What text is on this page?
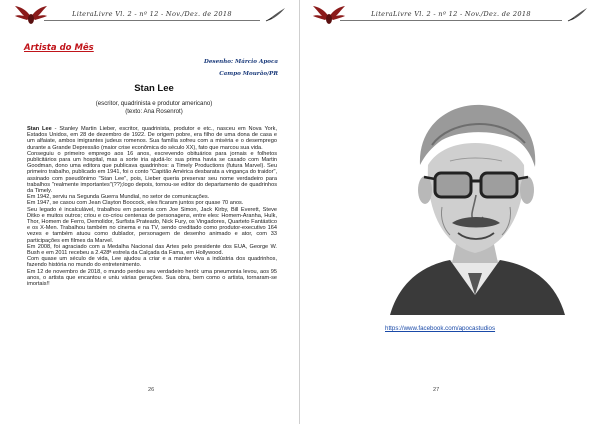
LiteraLivre Vl. 2 - nº 12 - Nov./Dez. de 2018
Artista do Mês
Desenho: Márcio Apoca
Campo Mourão/PR
Stan Lee
(escritor, quadrinista e produtor americano)
(texto: Ana Rosenrot)

Stan Lee - Stanley Martin Lieber, escritor, quadrinista, produtor e etc., nasceu em Nova York, Estados Unidos, em 28 de dezembro de 1922. De origem pobre, era filho de uma dona de casa e um alfaiate, ambos imigrantes judeus romenos. Sua família sofreu com a miséria e o desemprego durante a Grande Depressão (maior crise econômica do século XX), fato que marcou sua vida.

Conseguiu o primeiro emprego aos 16 anos, escrevendo obituários para jornais e folhetos publicitários para um hospital, mas a sorte iria ajudá-lo: sua prima havia se casado com Martin Goodman, dono uma editora que publicava quadrinhos: a Timely Productions (futura Marvel). Seu primeiro trabalho, publicado em 1941, foi o conto "Capitão América desbarata a vingança do traidor", assinado com pseudônimo "Stan Lee", pois, Lieber queria preservar seu nome verdadeiro para trabalhos "realmente importantes"(??);logo depois, tornou-se editor do departamento de quadrinhos da Timely.

Em 1942, serviu na Segunda Guerra Mundial, no setor de comunicações.

Em 1947, se casou com Jean Clayton Boocock, eles ficaram juntos por quase 70 anos.

Seu legado é incalculável, trabalhou em parceria com Joe Simon, Jack Kirby, Bill Everett, Steve Ditko e muitos outros; criou e co-criou centenas de personagens, entre eles: Homem-Aranha, Hulk, Thor, Homem de Ferro, Demolidor, Surfista Prateado, Nick Fury, os Vingadores, Quarteto Fantástico e os X-Men. Trabalhou também no cinema e na TV, sendo creditado como produtor-executivo 164 vezes e também atuou como dublador, personagem de desenho animado e ator, com 33 participações em filmes da Marvel.

Em 2008, foi agraciado com a Medalha Nacional das Artes pelo presidente dos EUA, George W. Bush e em 2011 recebeu a 2.428ª estrela da Calçada da Fama, em Hollywood.

Com quase um século de vida, Lee ajudou a criar e a manter viva a indústria dos quadrinhos, fazendo história no mundo do entretenimento.

Em 12 de novembro de 2018, o mundo perdeu seu verdadeiro herói: uma pneumonia levou, aos 95 anos, o artista que encantou e uniu várias gerações. Sua obra, bem como o artista, tornaram-se imortais!!

26
LiteraLivre Vl. 2 - nº 12 - Nov./Dez. de 2018
https://www.facebook.com/apocastudios
27
